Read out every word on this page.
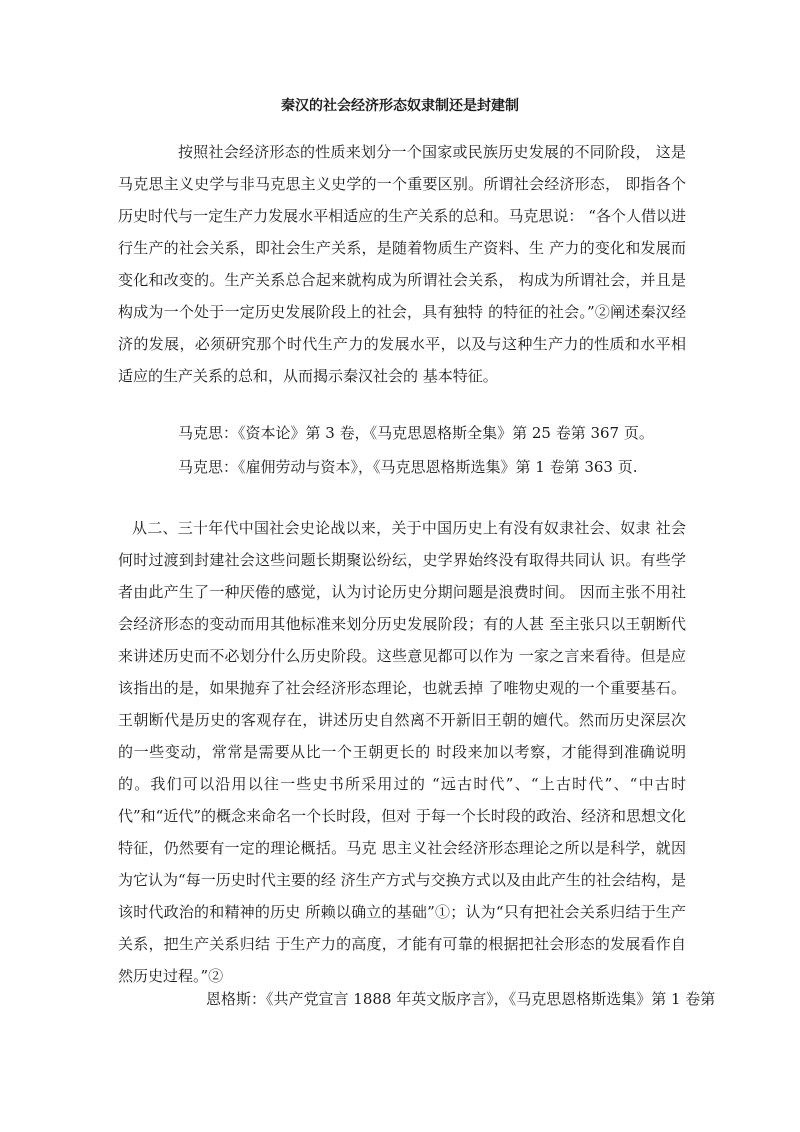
秦汉的社会经济形态奴隶制还是封建制

按照社会经济形态的性质来划分一个国家或民族历史发展的不同阶段， 这是马克思主义史学与非马克思主义史学的一个重要区别。所谓社会经济形态， 即指各个历史时代与一定生产力发展水平相适应的生产关系的总和。马克思说： “各个人借以进行生产的社会关系，即社会生产关系，是随着物质生产资料、生 产力的变化和发展而变化和改变的。生产关系总合起来就构成为所谓社会关系， 构成为所谓社会，并且是构成为一个处于一定历史发展阶段上的社会，具有独特 的特征的社会。”②阐述秦汉经济的发展，必须研究那个时代生产力的发展水平，以及与这种生产力的性质和水平相适应的生产关系的总和，从而揭示秦汉社会的 基本特征。

马克思：《资本论》第 3 卷，《马克思恩格斯全集》第 25 卷第 367 页。

马克思：《雇佣劳动与资本》，《马克思恩格斯选集》第 1 卷第 363 页.

从二、三十年代中国社会史论战以来，关于中国历史上有没有奴隶社会、奴隶 社会何时过渡到封建社会这些问题长期聚讼纷纭，史学界始终没有取得共同认 识。有些学者由此产生了一种厌倦的感觉，认为讨论历史分期问题是浪费时间。 因而主张不用社会经济形态的变动而用其他标准来划分历史发展阶段；有的人甚 至主张只以王朝断代来讲述历史而不必划分什么历史阶段。这些意见都可以作为 一家之言来看待。但是应该指出的是，如果抛弃了社会经济形态理论，也就丢掉 了唯物史观的一个重要基石。王朝断代是历史的客观存在，讲述历史自然离不开新旧王朝的嬗代。然而历史深层次的一些变动，常常是需要从比一个王朝更长的 时段来加以考察，才能得到准确说明的。我们可以沿用以往一些史书所采用过的 “远古时代”、“上古时代”、“中古时代”和“近代”的概念来命名一个长时段，但对 于每一个长时段的政治、经济和思想文化特征，仍然要有一定的理论概括。马克 思主义社会经济形态理论之所以是科学，就因为它认为“每一历史时代主要的经 济生产方式与交换方式以及由此产生的社会结构，是该时代政治的和精神的历史 所赖以确立的基础”①；认为“只有把社会关系归结于生产关系，把生产关系归结 于生产力的高度，才能有可靠的根据把社会形态的发展看作自然历史过程。”②

恩格斯：《共产党宣言 1888 年英文版序言》，《马克思恩格斯选集》第 1 卷第
